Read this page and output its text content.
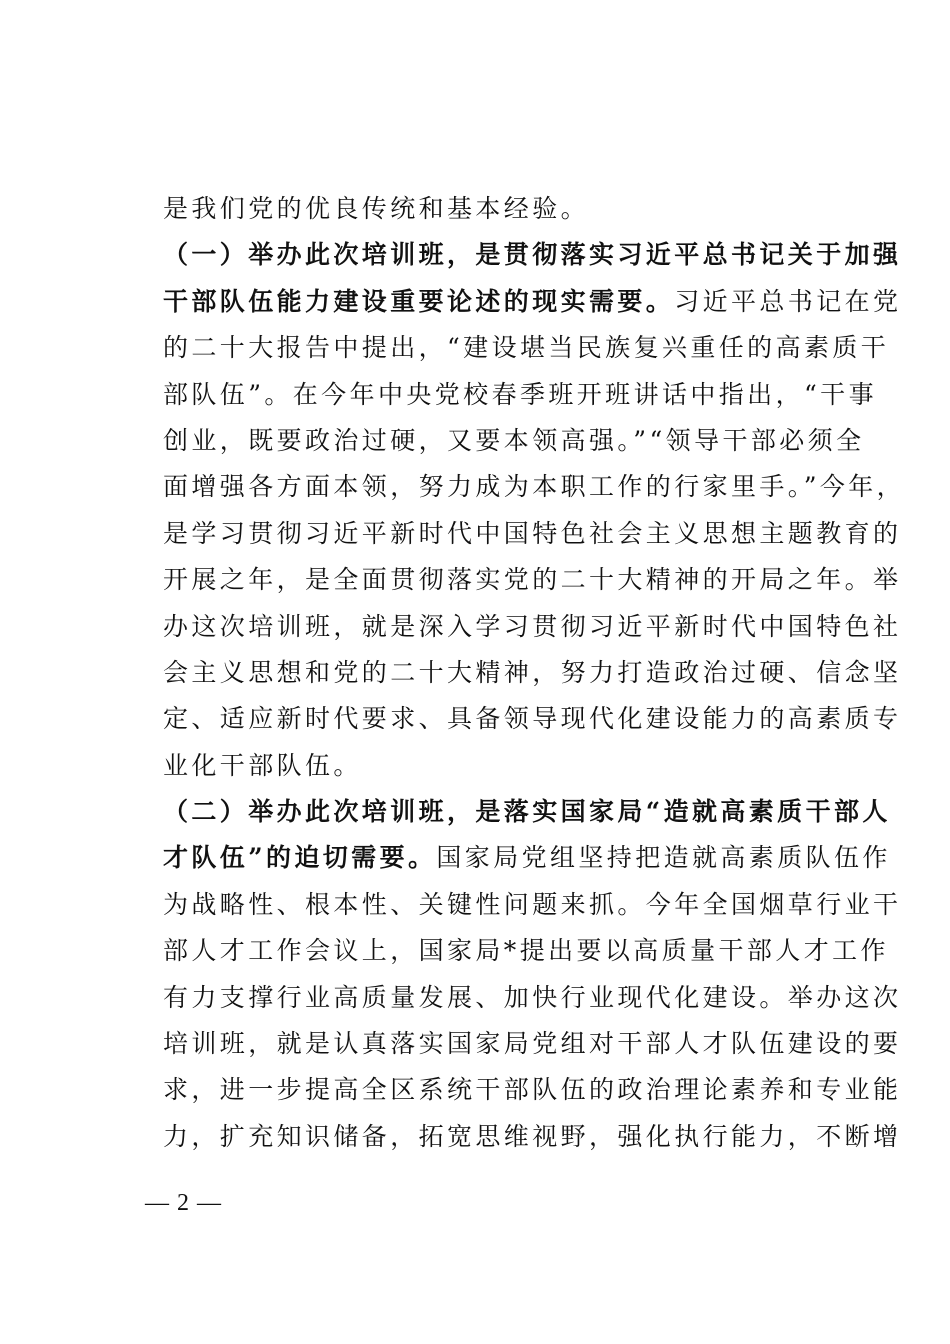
是我们党的优良传统和基本经验。
（一）举办此次培训班，是贯彻落实习近平总书记关于加强
干部队伍能力建设重要论述的现实需要。习近平总书记在党
的二十大报告中提出，“建设堪当民族复兴重任的高素质干
部队伍”。在今年中央党校春季班开班讲话中指出，“干事
创业，既要政治过硬，又要本领高强。”“领导干部必须全
面增强各方面本领，努力成为本职工作的行家里手。”今年，
是学习贯彻习近平新时代中国特色社会主义思想主题教育的
开展之年，是全面贯彻落实党的二十大精神的开局之年。举
办这次培训班，就是深入学习贯彻习近平新时代中国特色社
会主义思想和党的二十大精神，努力打造政治过硬、信念坚
定、适应新时代要求、具备领导现代化建设能力的高素质专
业化干部队伍。
（二）举办此次培训班，是落实国家局“造就高素质干部人
才队伍”的迫切需要。国家局党组坚持把造就高素质队伍作
为战略性、根本性、关键性问题来抓。今年全国烟草行业干
部人才工作会议上，国家局*提出要以高质量干部人才工作
有力支撑行业高质量发展、加快行业现代化建设。举办这次
培训班，就是认真落实国家局党组对干部人才队伍建设的要
求，进一步提高全区系统干部队伍的政治理论素养和专业能
力，扩充知识储备，拓宽思维视野，强化执行能力，不断增
— 2 —
